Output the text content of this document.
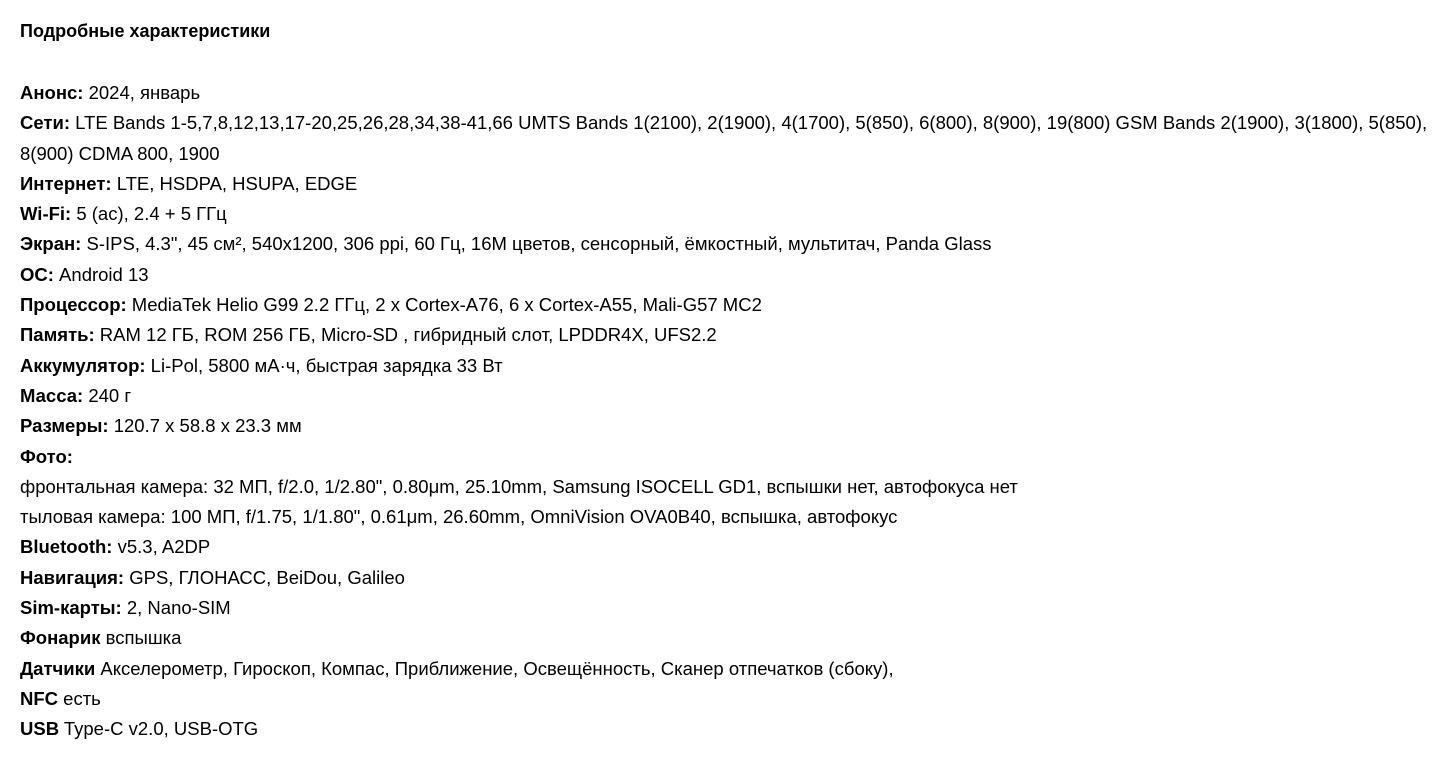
Подробные характеристики
Анонс: 2024, январь
Сети: LTE Bands 1-5,7,8,12,13,17-20,25,26,28,34,38-41,66 UMTS Bands 1(2100), 2(1900), 4(1700), 5(850), 6(800), 8(900), 19(800) GSM Bands 2(1900), 3(1800), 5(850), 8(900) CDMA 800, 1900
Интернет: LTE, HSDPA, HSUPA, EDGE
Wi-Fi: 5 (ac), 2.4 + 5 ГГц
Экран: S-IPS, 4.3", 45 см², 540x1200, 306 ppi, 60 Гц, 16M цветов, сенсорный, ёмкостный, мультитач, Panda Glass
ОС: Android 13
Процессор: MediaTek Helio G99 2.2 ГГц, 2 x Cortex-A76, 6 x Cortex-A55, Mali-G57 MC2
Память: RAM 12 ГБ, ROM 256 ГБ, Micro-SD , гибридный слот, LPDDR4X, UFS2.2
Аккумулятор: Li-Pol, 5800 мА·ч, быстрая зарядка 33 Вт
Масса: 240 г
Размеры: 120.7 x 58.8 x 23.3 мм
Фото:
фронтальная камера: 32 МП, f/2.0, 1/2.80", 0.80μm, 25.10mm, Samsung ISOCELL GD1, вспышки нет, автофокуса нет
тыловая камера: 100 МП, f/1.75, 1/1.80", 0.61μm, 26.60mm, OmniVision OVA0B40, вспышка, автофокус
Bluetooth: v5.3, A2DP
Навигация: GPS, ГЛОНАСС, BeiDou, Galileo
Sim-карты: 2, Nano-SIM
Фонарик вспышка
Датчики Акселерометр, Гироскоп, Компас, Приближение, Освещённость, Сканер отпечатков (сбоку),
NFC есть
USB Type-C v2.0, USB-OTG
